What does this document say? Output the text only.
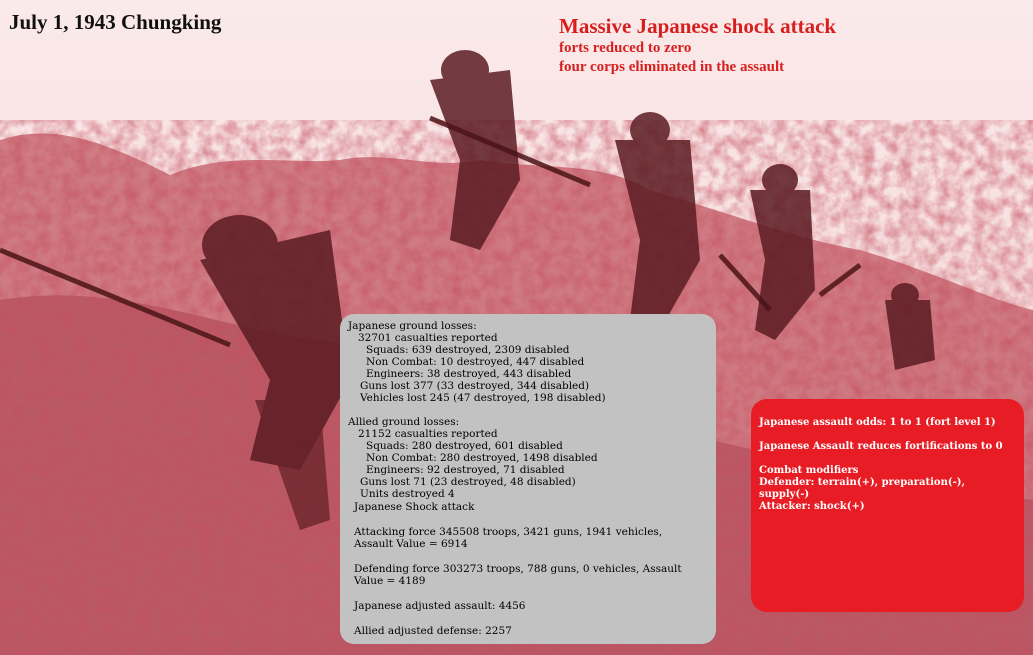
July 1, 1943 Chungking	Massive Japanese shock attack
forts reduced to zero
four corps eliminated in the assault
Japanese ground losses:
32701 casualties reported
Squads: 639 destroyed, 2309 disabled
Non Combat: 10 destroyed, 447 disabled
Engineers: 38 destroyed, 443 disabled
Guns lost 377 (33 destroyed, 344 disabled)
Vehicles lost 245 (47 destroyed, 198 disabled)
Allied ground losses:
21152 casualties reported
Squads: 280 destroyed, 601 disabled
Non Combat: 280 destroyed, 1498 disabled
Engineers: 92 destroyed, 71 disabled
Guns lost 71 (23 destroyed, 48 disabled)
Units destroyed 4
Japanese Shock attack
Attacking force 345508 troops, 3421 guns, 1941 vehicles, Assault Value = 6914
Defending force 303273 troops, 788 guns, 0 vehicles, Assault Value = 4189
Japanese adjusted assault: 4456
Allied adjusted defense: 2257
Japanese assault odds: 1 to 1 (fort level 1)
Japanese Assault reduces fortifications to 0
Combat modifiers
Defender: terrain(+), preparation(-), supply(-)
Attacker: shock(+)
